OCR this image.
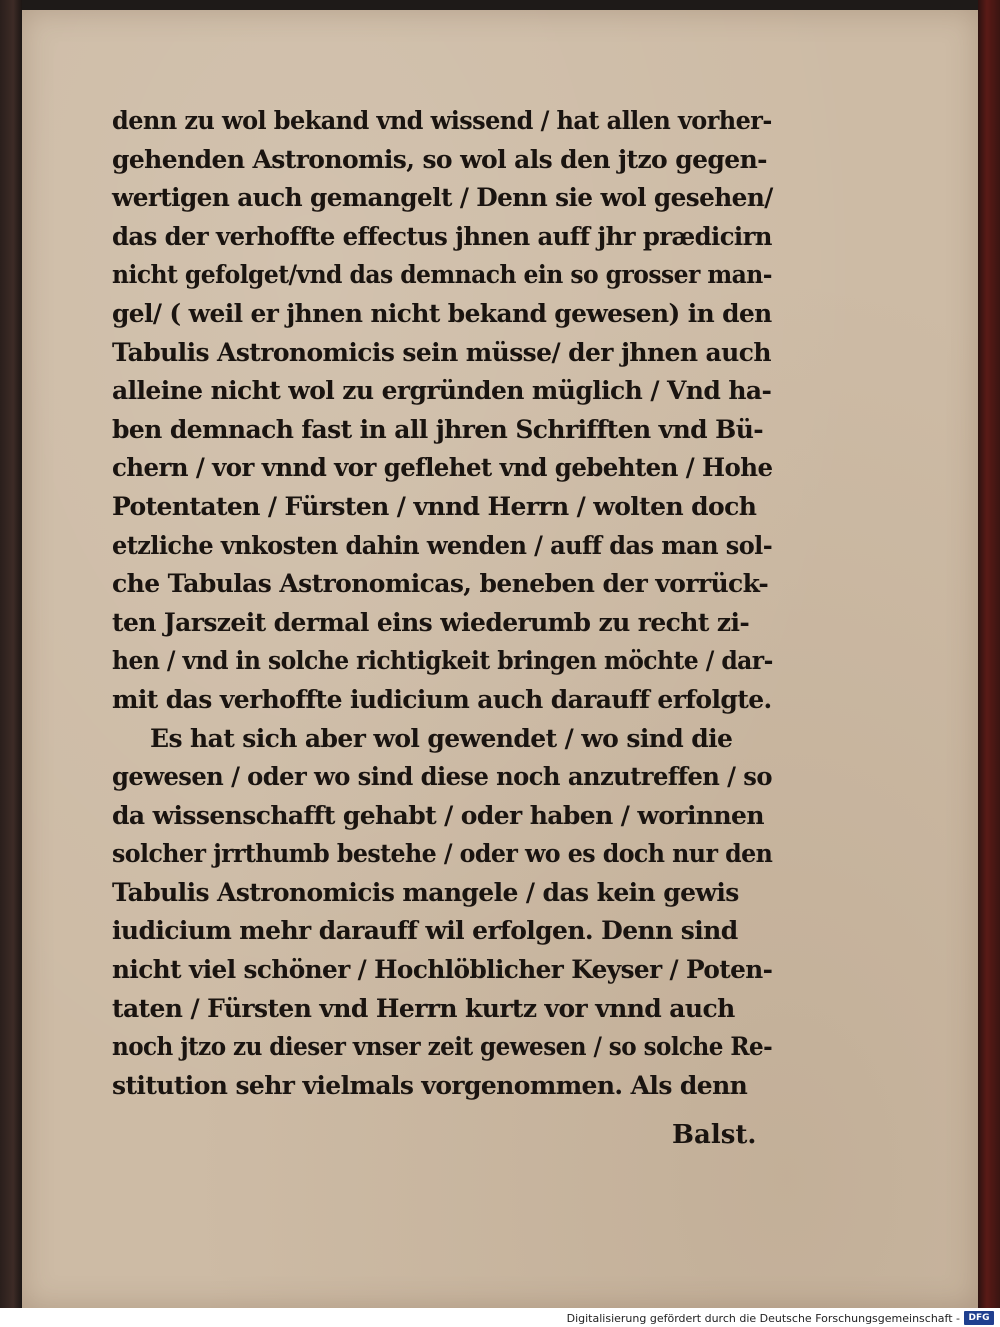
denn zu wol bekand vnd wissend / hat allen vorher-
gehenden Astronomis, so wol als den jtzo gegen-
wertigen auch gemangelt / Denn sie wol gesehen/
das der verhoffte effectus jhnen auff jhr prædicirn
nicht gefolget/vnd das demnach ein so grosser man-
gel/ ( weil er jhnen nicht bekand gewesen) in den
Tabulis Astronomicis sein müsse/ der jhnen auch
alleine nicht wol zu ergründen müglich / Vnd ha-
ben demnach fast in all jhren Schrifften vnd Bü-
chern / vor vnnd vor geflehet vnd gebehten / Hohe
Potentaten / Fürsten / vnnd Herrn / wolten doch
etzliche vnkosten dahin wenden / auff das man sol-
che Tabulas Astronomicas, beneben der vorrück-
ten Jarszeit dermal eins wiederumb zu recht zi-
hen / vnd in solche richtigkeit bringen möchte / dar-
mit das verhoffte iudicium auch darauff erfolgte.
Es hat sich aber wol gewendet / wo sind die
gewesen / oder wo sind diese noch anzutreffen / so
da wissenschafft gehabt / oder haben / worinnen
solcher jrrthumb bestehe / oder wo es doch nur den
Tabulis Astronomicis mangele / das kein gewis
iudicium mehr darauff wil erfolgen. Denn sind
nicht viel schöner / Hochlöblicher Keyser / Poten-
taten / Fürsten vnd Herrn kurtz vor vnnd auch
noch jtzo zu dieser vnser zeit gewesen / so solche Re-
stitution sehr vielmals vorgenommen. Als denn
Balst.
Digitalisierung gefördert durch die Deutsche Forschungsgemeinschaft - DFG
